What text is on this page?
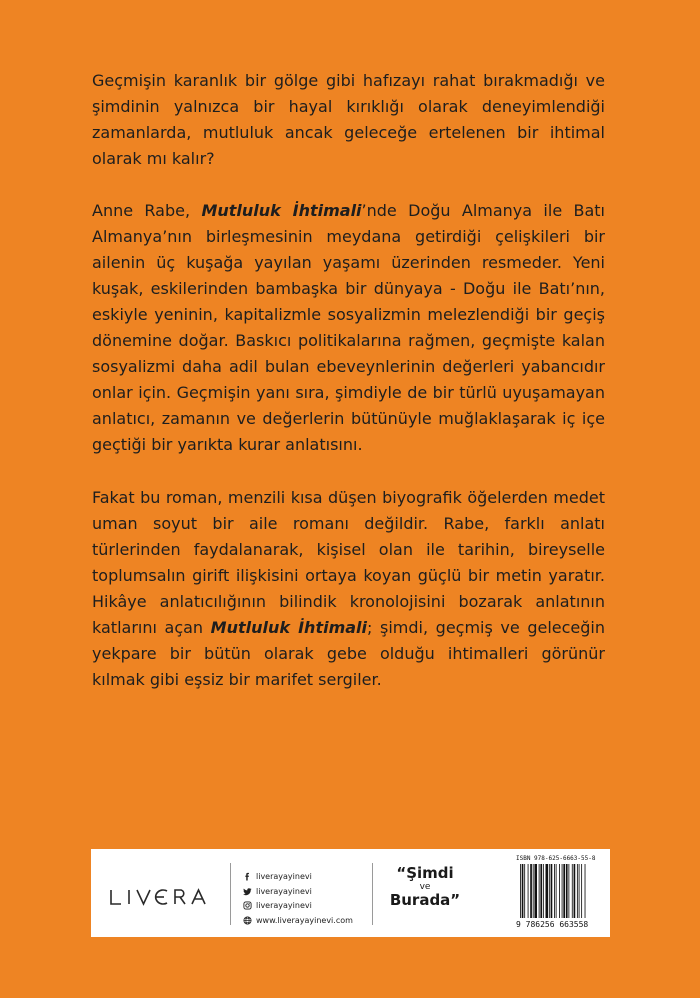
Geçmişin karanlık bir gölge gibi hafızayı rahat bırakmadığı ve şimdinin yalnızca bir hayal kırıklığı olarak deneyimlendiği zamanlarda, mutluluk ancak geleceğe ertelenen bir ihtimal olarak mı kalır?

Anne Rabe, Mutluluk İhtimali’nde Doğu Almanya ile Batı Almanya’nın birleşmesinin meydana getirdiği çelişkileri bir ailenin üç kuşağa yayılan yaşamı üzerinden resmeder. Yeni kuşak, eskilerinden bambaşka bir dünyaya - Doğu ile Batı’nın, eskiyle yeninin, kapitalizmle sosyalizmin melezlendiği bir geçiş dönemine doğar. Baskıcı politikalarına rağmen, geçmişte kalan sosyalizmi daha adil bulan ebeveynlerinin değerleri yabancıdır onlar için. Geçmişin yanı sıra, şimdiyle de bir türlü uyuşamayan anlatıcı, zamanın ve değerlerin bütünüyle muğlaklaşarak iç içe geçtiği bir yarıkta kurar anlatısını.

Fakat bu roman, menzili kısa düşen biyografik öğelerden medet uman soyut bir aile romanı değildir. Rabe, farklı anlatı türlerinden faydalanarak, kişisel olan ile tarihin, bireyselle toplumsalın girift ilişkisini ortaya koyan güçlü bir metin yaratır. Hikâye anlatıcılığının bilindik kronolojisini bozarak anlatının katlarını açan Mutluluk İhtimali; şimdi, geçmiş ve geleceğin yekpare bir bütün olarak gebe olduğu ihtimalleri görünür kılmak gibi eşsiz bir marifet sergiler.

liverayayinevi
liverayayinevi
liverayayinevi
www.liverayayinevi.com
“Şimdi
ve
Burada”
ISBN 978-625-6663-55-8
9 786256 663558
